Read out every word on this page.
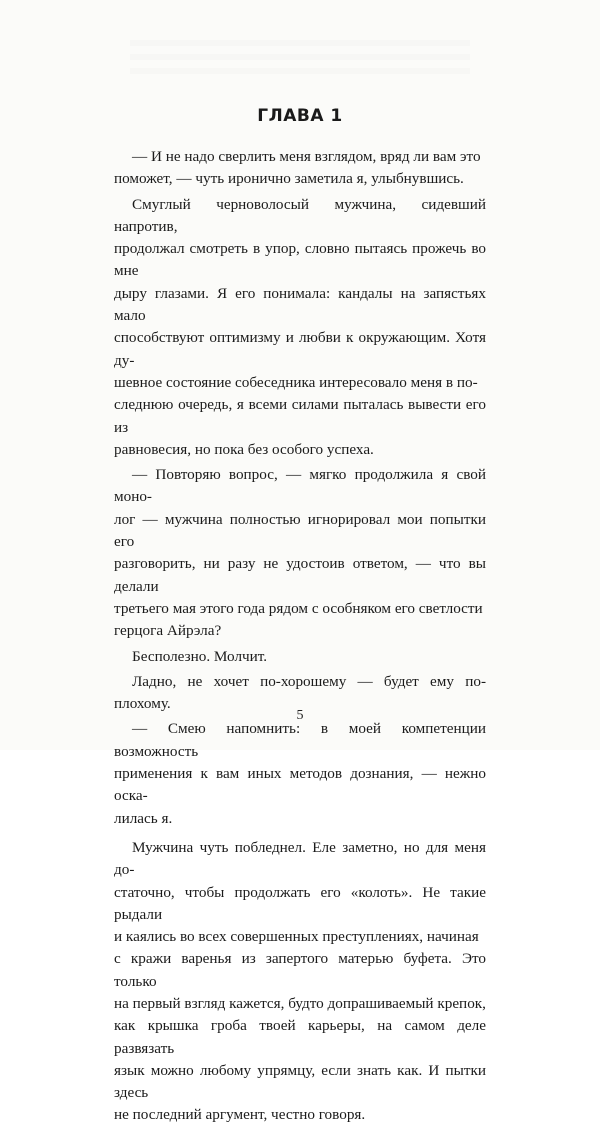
ГЛАВА 1

— И не надо сверлить меня взглядом, вряд ли вам это
поможет, — чуть иронично заметила я, улыбнувшись.

Смуглый черноволосый мужчина, сидевший напротив,
продолжал смотреть в упор, словно пытаясь прожечь во мне
дыру глазами. Я его понимала: кандалы на запястьях мало
способствуют оптимизму и любви к окружающим. Хотя ду-
шевное состояние собеседника интересовало меня в по-
следнюю очередь, я всеми силами пыталась вывести его из
равновесия, но пока без особого успеха.

— Повторяю вопрос, — мягко продолжила я свой моно-
лог — мужчина полностью игнорировал мои попытки его
разговорить, ни разу не удостоив ответом, — что вы делали
третьего мая этого года рядом с особняком его светлости
герцога Айрэла?

Бесполезно. Молчит.

Ладно, не хочет по-хорошему — будет ему по-плохому.

— Смею напомнить: в моей компетенции возможность
применения к вам иных методов дознания, — нежно оска-
лилась я.

Мужчина чуть побледнел. Еле заметно, но для меня до-
статочно, чтобы продолжать его «колоть». Не такие рыдали
и каялись во всех совершенных преступлениях, начиная
с кражи варенья из запертого матерью буфета. Это только
на первый взгляд кажется, будто допрашиваемый крепок,
как крышка гроба твоей карьеры, на самом деле развязать
язык можно любому упрямцу, если знать как. И пытки здесь
не последний аргумент, честно говоря.

5
